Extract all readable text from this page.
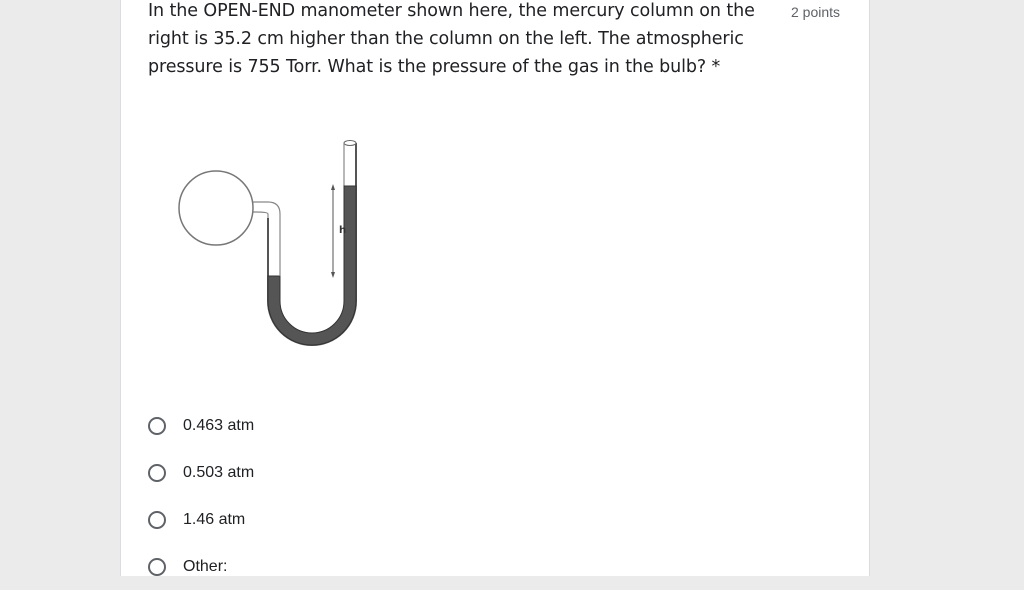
In the OPEN-END manometer shown here, the mercury column on the right is 35.2 cm higher than the column on the left. The atmospheric pressure is 755 Torr. What is the pressure of the gas in the bulb? *
2 points
h
0.463 atm
0.503 atm
1.46 atm
Other:
